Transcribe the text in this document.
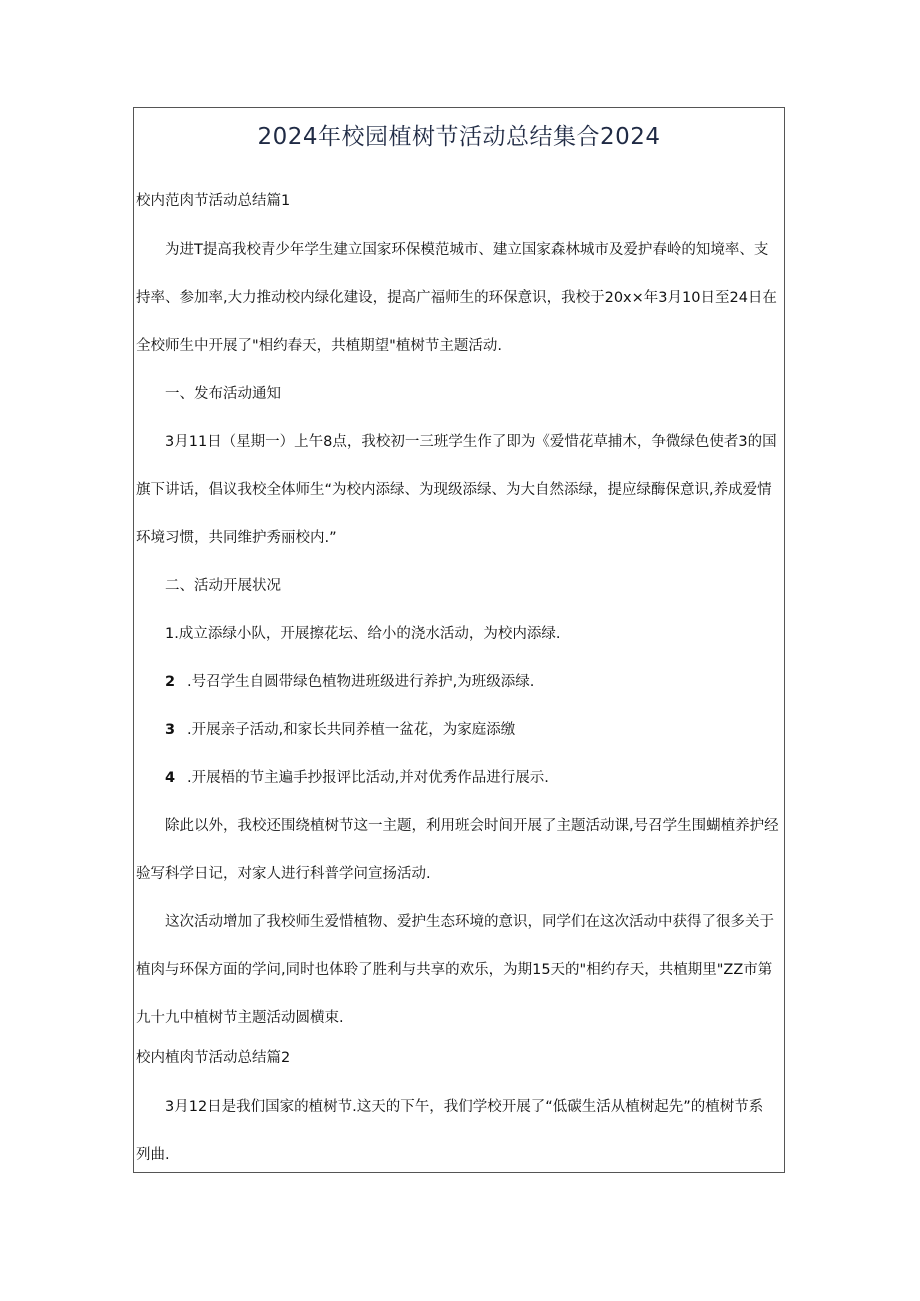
2024年校园植树节活动总结集合2024

校内范肉节活动总结篇1

为进T提高我校青少年学生建立国家环保模范城市、建立国家森林城市及爱护春岭的知境率、支

持率、参加率,大力推动校内绿化建设，提高广福师生的环保意识，我校于20x×年3月10日至24日在

全校师生中开展了"相约春天，共植期望"植树节主题活动.

一、发布活动通知

3月11日（星期一）上午8点，我校初一三班学生作了即为《爱惜花草捕木，争微绿色使者3的国

旗下讲话，倡议我校全体师生“为校内添绿、为现级添绿、为大自然添绿，提应绿酶保意识,养成爱情

环境习惯，共同维护秀丽校内.”

二、活动开展状况

1.成立添绿小队，开展擦花坛、给小的浇水活动，为校内添绿.

2 .号召学生自圆带绿色植物进班级进行养护,为班级添绿.

3 .开展亲子活动,和家长共同养植一盆花，为家庭添缴

4 .开展梧的节主遍手抄报评比活动,并对优秀作品进行展示.

除此以外，我校还围绕植树节这一主题，利用班会时间开展了主题活动课,号召学生围蝴植养护经

验写科学日记，对家人进行科普学问宣扬活动.

这次活动增加了我校师生爱惜植物、爱护生态环境的意识，同学们在这次活动中获得了很多关于

植肉与环保方面的学问,同时也体聆了胜利与共享的欢乐，为期15天的"相约存天，共植期里"ZZ市第

九十九中植树节主题活动圆横束.

校内植肉节活动总结篇2

3月12日是我们国家的植树节.这天的下午，我们学校开展了“低碳生活从植树起先”的植树节系

列曲.
